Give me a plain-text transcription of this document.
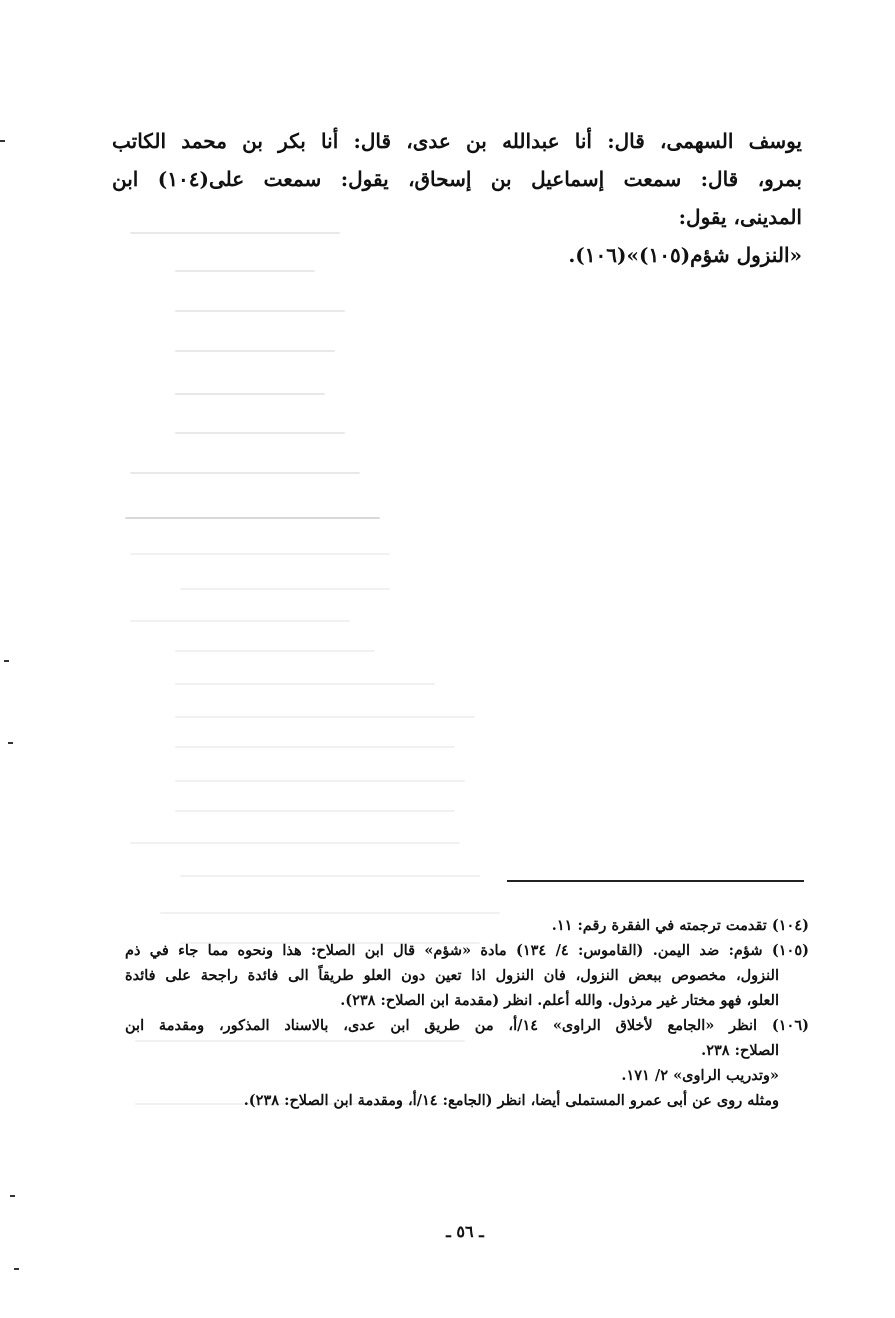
يوسف السهمى، قال: أنا عبدالله بن عدى، قال: أنا بكر بن محمد الكاتب
بمرو، قال: سمعت إسماعيل بن إسحاق، يقول: سمعت على(١٠٤) ابن
المدينى، يقول:
«النزول شؤم(١٠٥)»(١٠٦).
(١٠٤) تقدمت ترجمته في الفقرة رقم: ١١.
(١٠٥) شؤم: ضد اليمن. (القاموس: ٤/ ١٣٤) مادة «شؤم» قال ابن الصلاح: هذا ونحوه مما جاء في ذم
النزول، مخصوص ببعض النزول، فان النزول اذا تعين دون العلو طريقاً الى فائدة راجحة على فائدة
العلو، فهو مختار غير مرذول. والله أعلم. انظر (مقدمة ابن الصلاح: ٢٣٨).
(١٠٦) انظر «الجامع لأخلاق الراوى» ١٤/أ، من طريق ابن عدى، بالاسناد المذكور، ومقدمة ابن
الصلاح: ٢٣٨.
«وتدريب الراوى» ٢/ ١٧١.
ومثله روى عن أبى عمرو المستملى أيضا، انظر (الجامع: ١٤/أ، ومقدمة ابن الصلاح: ٢٣٨).
ـ ٥٦ ـ
